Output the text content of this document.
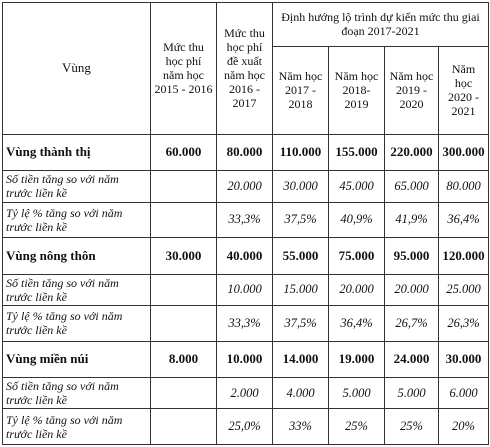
Vùng	Mức thu học phí năm học 2015 - 2016	Mức thu học phí đề xuất năm học 2016 - 2017	Định hướng lộ trình dự kiến mức thu giai đoạn 2017-2021			
			Năm học 2017 - 2018	Năm học 2018- 2019	Năm học 2019 - 2020	Năm học 2020 - 2021
Vùng thành thị	60.000	80.000	110.000	155.000	220.000	300.000
Số tiền tăng so với năm trước liền kề		20.000	30.000	45.000	65.000	80.000
Tỷ lệ % tăng so với năm trước liền kề		33,3%	37,5%	40,9%	41,9%	36,4%
Vùng nông thôn	30.000	40.000	55.000	75.000	95.000	120.000
Số tiền tăng so với năm trước liền kề		10.000	15.000	20.000	20.000	25.000
Tỷ lệ % tăng so với năm trước liền kề		33,3%	37,5%	36,4%	26,7%	26,3%
Vùng miền núi	8.000	10.000	14.000	19.000	24.000	30.000
Số tiền tăng so với năm trước liền kề		2.000	4.000	5.000	5.000	6.000
Tỷ lệ % tăng so với năm trước liền kề		25,0%	33%	25%	25%	20%
